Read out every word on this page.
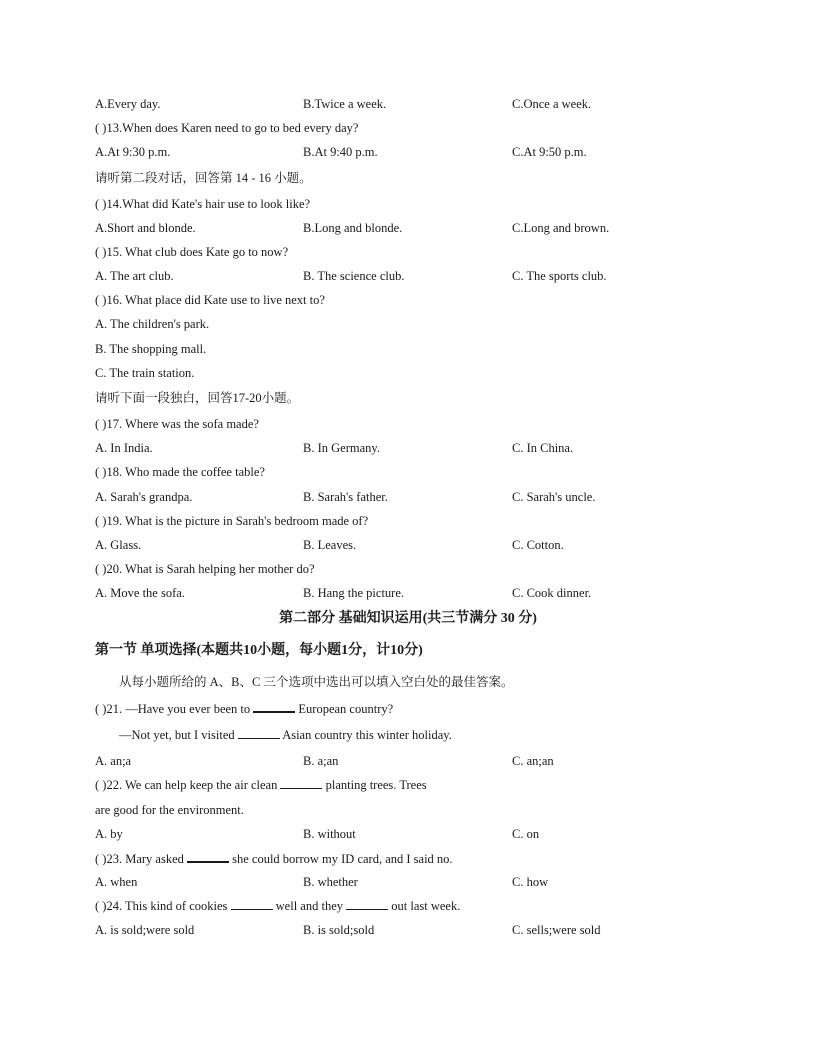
A.Every day.	B.Twice a week.	C.Once a week.
( )13.When does Karen need to go to bed every day?
A.At 9:30 p.m.	B.At 9:40 p.m.	C.At 9:50 p.m.
请听第二段对话，回答第 14 - 16 小题。
( )14.What did Kate's hair use to look like?
A.Short and blonde.	B.Long and blonde.	C.Long and brown.
( )15. What club does Kate go to now?
A. The art club.	B. The science club.	C. The sports club.
( )16. What place did Kate use to live next to?
A. The children's park.
B. The shopping mall.
C. The train station.
请听下面一段独白，回答17-20小题。
( )17. Where was the sofa made?
A. In India.	B. In Germany.	C. In China.
( )18. Who made the coffee table?
A. Sarah's grandpa.	B. Sarah's father.	C. Sarah's uncle.
( )19. What is the picture in Sarah's bedroom made of?
A. Glass.	B. Leaves.	C. Cotton.
( )20. What is Sarah helping her mother do?
A. Move the sofa.	B. Hang the picture.	C. Cook dinner.
第二部分 基础知识运用(共三节满分 30 分)
第一节 单项选择(本题共10小题，每小题1分，计10分)
从每小题所给的 A、B、C 三个选项中选出可以填入空白处的最佳答案。
( )21. —Have you ever been to	European country?
—Not yet, but I visited	Asian country this winter holiday.
A. an;a	B. a;an	C. an;an
( )22. We can help keep the air clean	planting trees. Trees
are good for the environment.
A. by	B. without	C. on
( )23. Mary asked	she could borrow my ID card, and I said no.
A. when	B. whether	C. how
( )24. This kind of cookies	well and they	out last week.
A. is sold;were sold	B. is sold;sold	C. sells;were sold
